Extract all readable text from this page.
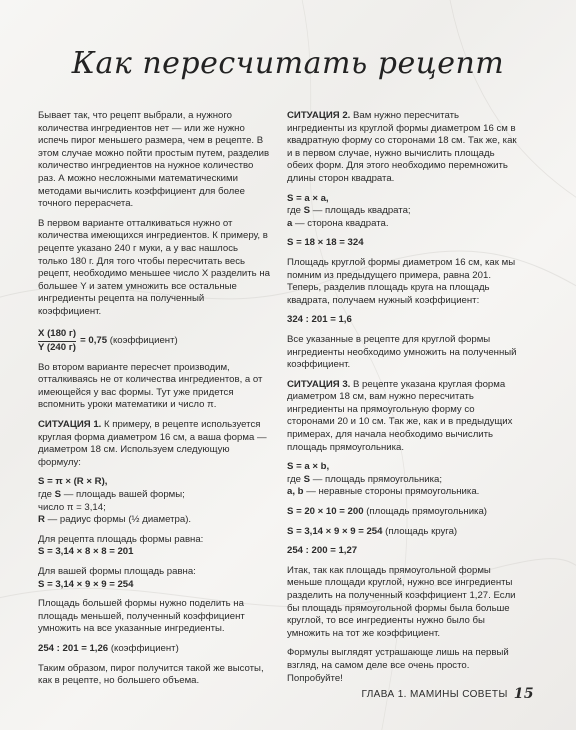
Как пересчитать рецепт

Бывает так, что рецепт выбрали, а нужного количества ингредиентов нет — или же нужно испечь пирог меньшего размера, чем в рецепте. В этом случае можно пойти простым путем, разделив количество ингредиентов на нужное количество раз. А можно несложными математическими методами вычислить коэффициент для более точного перерасчета.

В первом варианте отталкиваться нужно от количества имеющихся ингредиентов. К примеру, в рецепте указано 240 г муки, а у вас нашлось только 180 г. Для того чтобы пересчитать весь рецепт, необходимо меньшее число X разделить на большее Y и затем умножить все остальные ингредиенты рецепта на полученный коэффициент.

X (180 г)
Y (240 г)
= 0,75 (коэффициент)

Во втором варианте пересчет производим, отталкиваясь не от количества ингредиентов, а от имеющейся у вас формы. Тут уже придется вспомнить уроки математики и число π.

СИТУАЦИЯ 1. К примеру, в рецепте используется круглая форма диаметром 16 см, а ваша форма — диаметром 18 см. Используем следующую формулу:

S = π × (R × R),
где S — площадь вашей формы;
число π = 3,14;
R — радиус формы (½ диаметра).

Для рецепта площадь формы равна:
S = 3,14 × 8 × 8 = 201

Для вашей формы площадь равна:
S = 3,14 × 9 × 9 = 254

Площадь большей формы нужно поделить на площадь меньшей, полученный коэффициент умножить на все указанные ингредиенты.

254 : 201 = 1,26 (коэффициент)

Таким образом, пирог получится такой же высоты, как в рецепте, но большего объема.

СИТУАЦИЯ 2. Вам нужно пересчитать ингредиенты из круглой формы диаметром 16 см в квадратную форму со сторонами 18 см. Так же, как и в первом случае, нужно вычислить площадь обеих форм. Для этого необходимо перемножить длины сторон квадрата.

S = a × a,
где S — площадь квадрата;
a — сторона квадрата.

S = 18 × 18 = 324

Площадь круглой формы диаметром 16 см, как мы помним из предыдущего примера, равна 201. Теперь, разделив площадь круга на площадь квадрата, получаем нужный коэффициент:

324 : 201 = 1,6

Все указанные в рецепте для круглой формы ингредиенты необходимо умножить на полученный коэффициент.

СИТУАЦИЯ 3. В рецепте указана круглая форма диаметром 18 см, вам нужно пересчитать ингредиенты на прямоугольную форму со сторонами 20 и 10 см. Так же, как и в предыдущих примерах, для начала необходимо вычислить площадь прямоугольника.

S = a × b,
где S — площадь прямоугольника;
a, b — неравные стороны прямоугольника.

S = 20 × 10 = 200 (площадь прямоугольника)

S = 3,14 × 9 × 9 = 254 (площадь круга)

254 : 200 = 1,27

Итак, так как площадь прямоугольной формы меньше площади круглой, нужно все ингредиенты разделить на полученный коэффициент 1,27. Если бы площадь прямоугольной формы была больше круглой, то все ингредиенты нужно было бы умножить на тот же коэффициент.

Формулы выглядят устрашающе лишь на первый взгляд, на самом деле все очень просто. Попробуйте!

ГЛАВА 1. МАМИНЫ СОВЕТЫ 15
